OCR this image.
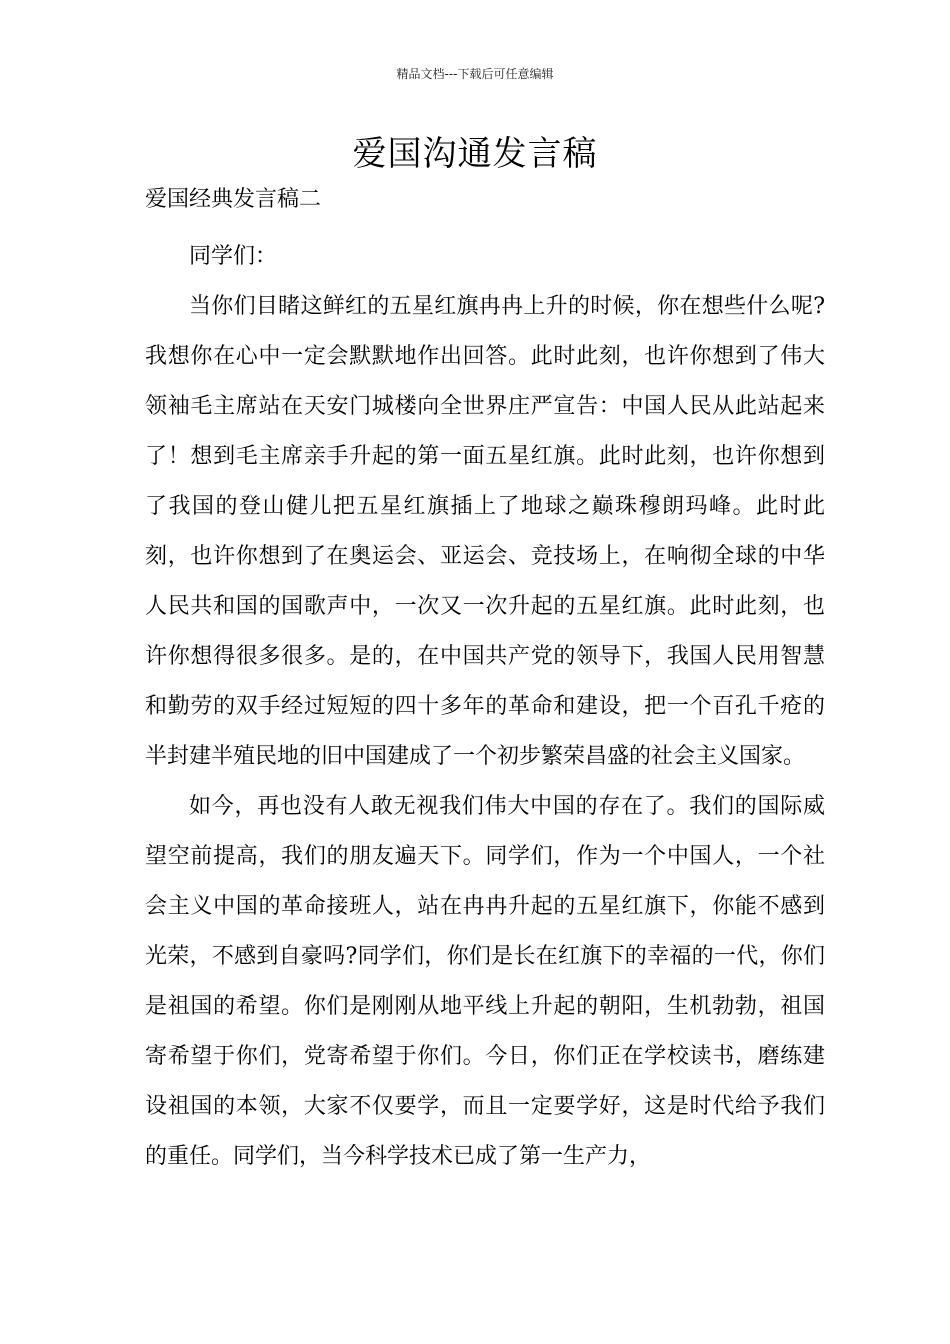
精品文档---下载后可任意编辑
爱国沟通发言稿
爱国经典发言稿二

同学们：

当你们目睹这鲜红的五星红旗冉冉上升的时候，你在想些什么呢?我想你在心中一定会默默地作出回答。此时此刻，也许你想到了伟大领袖毛主席站在天安门城楼向全世界庄严宣告：中国人民从此站起来了！想到毛主席亲手升起的第一面五星红旗。此时此刻，也许你想到了我国的登山健儿把五星红旗插上了地球之巅珠穆朗玛峰。此时此刻，也许你想到了在奥运会、亚运会、竞技场上，在响彻全球的中华人民共和国的国歌声中，一次又一次升起的五星红旗。此时此刻，也许你想得很多很多。是的，在中国共产党的领导下，我国人民用智慧和勤劳的双手经过短短的四十多年的革命和建设，把一个百孔千疮的半封建半殖民地的旧中国建成了一个初步繁荣昌盛的社会主义国家。

如今，再也没有人敢无视我们伟大中国的存在了。我们的国际威望空前提高，我们的朋友遍天下。同学们，作为一个中国人，一个社会主义中国的革命接班人，站在冉冉升起的五星红旗下，你能不感到光荣，不感到自豪吗?同学们，你们是长在红旗下的幸福的一代，你们是祖国的希望。你们是刚刚从地平线上升起的朝阳，生机勃勃，祖国寄希望于你们，党寄希望于你们。今日，你们正在学校读书，磨练建设祖国的本领，大家不仅要学，而且一定要学好，这是时代给予我们的重任。同学们，当今科学技术已成了第一生产力，
